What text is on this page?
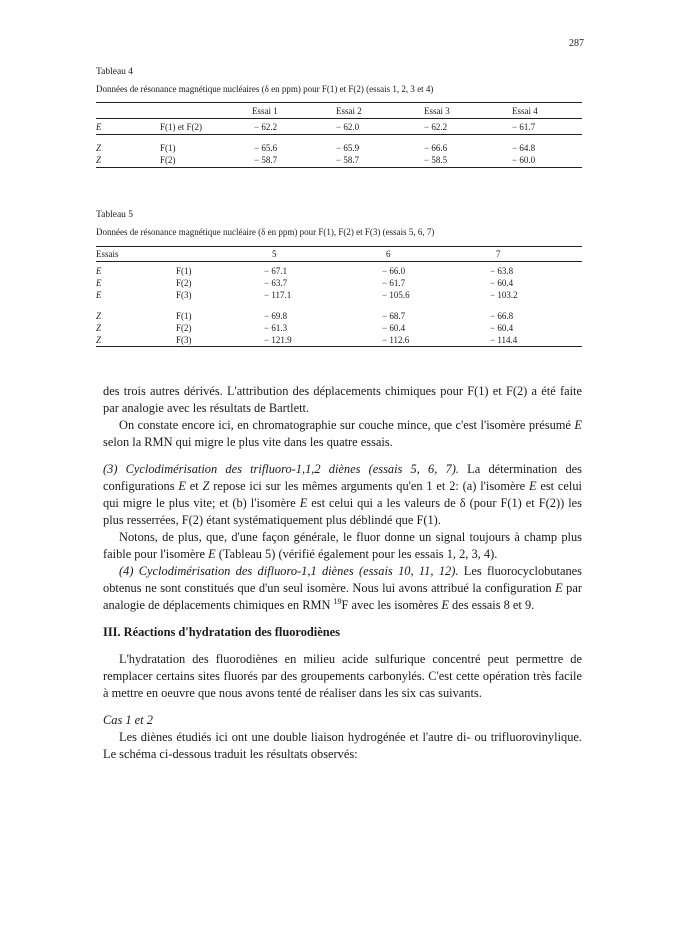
287
Tableau 4
Données de résonance magnétique nucléaires (δ en ppm) pour F(1) et F(2) (essais 1, 2, 3 et 4)
		Essai 1	Essai 2	Essai 3	Essai 4
E	F(1) et F(2)	− 62.2	− 62.0	− 62.2	− 61.7
Z	F(1)	− 65.6	− 65.9	− 66.6	− 64.8
Z	F(2)	− 58.7	− 58.7	− 58.5	− 60.0
Tableau 5
Données de résonance magnétique nucléaire (δ en ppm) pour F(1), F(2) et F(3) (essais 5, 6, 7)
Essais		5	6	7
E	F(1)	− 67.1	− 66.0	− 63.8
E	F(2)	− 63.7	− 61.7	− 60.4
E	F(3)	− 117.1	− 105.6	− 103.2

Z	F(1)	− 69.8	− 68.7	− 66.8
Z	F(2)	− 61.3	− 60.4	− 60.4
Z	F(3)	− 121.9	− 112.6	− 114.4

des trois autres dérivés. L'attribution des déplacements chimiques pour F(1) et F(2) a été faite par analogie avec les résultats de Bartlett.

On constate encore ici, en chromatographie sur couche mince, que c'est l'isomère présumé E selon la RMN qui migre le plus vite dans les quatre essais.

(3) Cyclodimérisation des trifluoro-1,1,2 diènes (essais 5, 6, 7). La détermination des configurations E et Z repose ici sur les mêmes arguments qu'en 1 et 2: (a) l'isomère E est celui qui migre le plus vite; et (b) l'isomère E est celui qui a les valeurs de δ (pour F(1) et F(2)) les plus resserrées, F(2) étant systématiquement plus déblindé que F(1).

Notons, de plus, que, d'une façon générale, le fluor donne un signal toujours à champ plus faible pour l'isomère E (Tableau 5) (vérifié également pour les essais 1, 2, 3, 4).

(4) Cyclodimérisation des difluoro-1,1 diènes (essais 10, 11, 12). Les fluorocyclobutanes obtenus ne sont constitués que d'un seul isomère. Nous lui avons attribué la configuration E par analogie de déplacements chimiques en RMN $^{19}$F avec les isomères E des essais 8 et 9.

III. Réactions d'hydratation des fluorodiènes

L'hydratation des fluorodiènes en milieu acide sulfurique concentré peut permettre de remplacer certains sites fluorés par des groupements carbonylés. C'est cette opération très facile à mettre en oeuvre que nous avons tenté de réaliser dans les six cas suivants.

Cas 1 et 2

Les diènes étudiés ici ont une double liaison hydrogénée et l'autre di- ou trifluorovinylique. Le schéma ci-dessous traduit les résultats observés:
